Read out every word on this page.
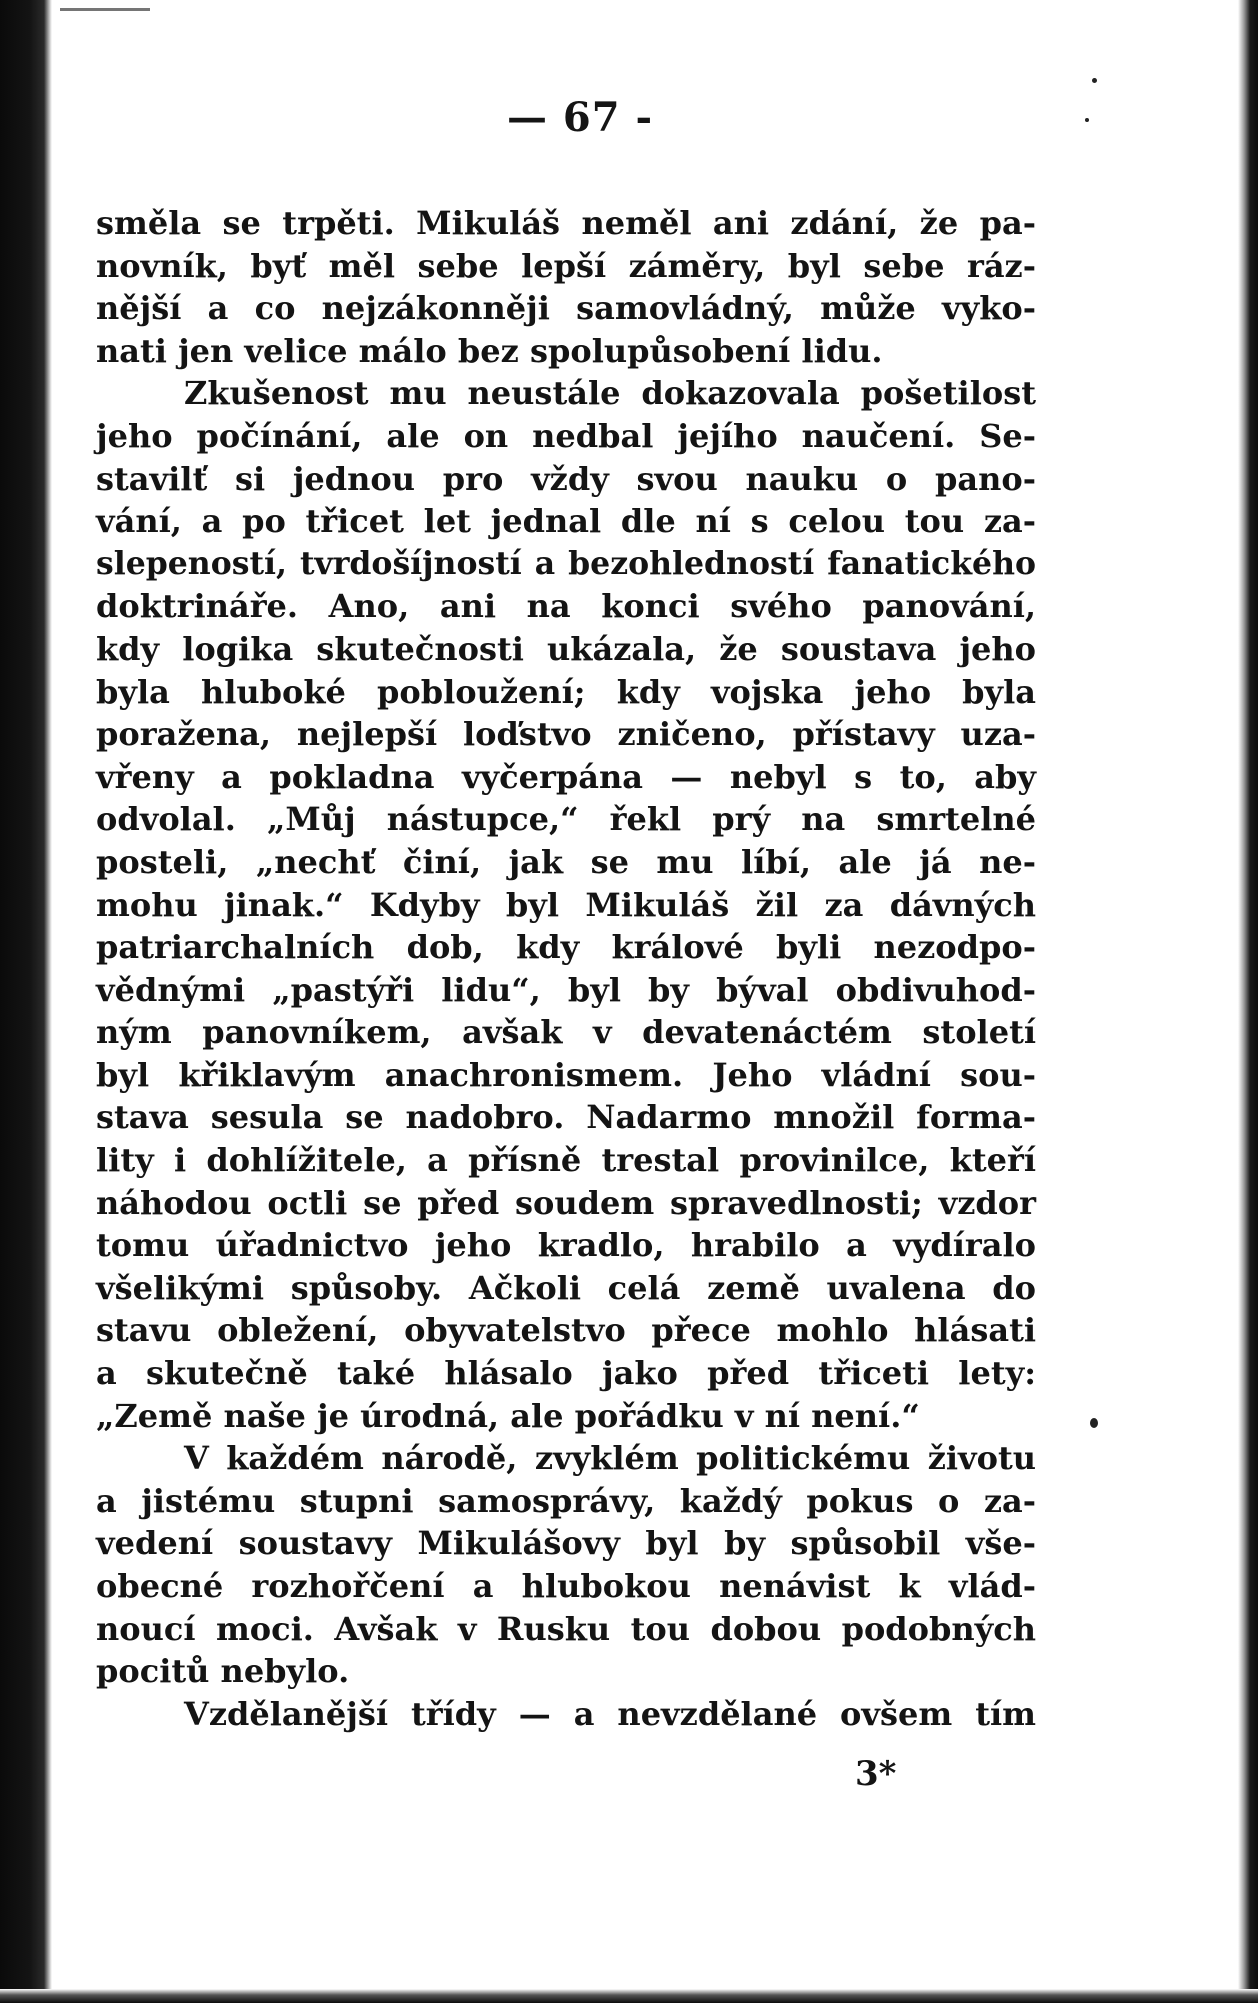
— 67 -
směla se trpěti. Mikuláš neměl ani zdání, že pa-
novník, byť měl sebe lepší záměry, byl sebe ráz-
nější a co nejzákonněji samovládný, může vyko-
nati jen velice málo bez spolupůsobení lidu.
Zkušenost mu neustále dokazovala pošetilost
jeho počínání, ale on nedbal jejího naučení. Se-
stavilť si jednou pro vždy svou nauku o pano-
vání, a po třicet let jednal dle ní s celou tou za-
slepeností, tvrdošíjností a bezohledností fanatického
doktrináře. Ano, ani na konci svého panování,
kdy logika skutečnosti ukázala, že soustava jeho
byla hluboké pobloužení; kdy vojska jeho byla
poražena, nejlepší loďstvo zničeno, přístavy uza-
vřeny a pokladna vyčerpána — nebyl s to, aby
odvolal. „Můj nástupce,“ řekl prý na smrtelné
posteli, „nechť činí, jak se mu líbí, ale já ne-
mohu jinak.“ Kdyby byl Mikuláš žil za dávných
patriarchalních dob, kdy králové byli nezodpo-
vědnými „pastýři lidu“, byl by býval obdivuhod-
ným panovníkem, avšak v devatenáctém století
byl křiklavým anachronismem. Jeho vládní sou-
stava sesula se nadobro. Nadarmo množil forma-
lity i dohlížitele, a přísně trestal provinilce, kteří
náhodou octli se před soudem spravedlnosti; vzdor
tomu úřadnictvo jeho kradlo, hrabilo a vydíralo
všelikými spůsoby. Ačkoli celá země uvalena do
stavu obležení, obyvatelstvo přece mohlo hlásati
a skutečně také hlásalo jako před třiceti lety:
„Země naše je úrodná, ale pořádku v ní není.“
V každém národě, zvyklém politickému životu
a jistému stupni samosprávy, každý pokus o za-
vedení soustavy Mikulášovy byl by spůsobil vše-
obecné rozhořčení a hlubokou nenávist k vlád-
noucí moci. Avšak v Rusku tou dobou podobných
pocitů nebylo.
Vzdělanější třídy — a nevzdělané ovšem tím
3*
